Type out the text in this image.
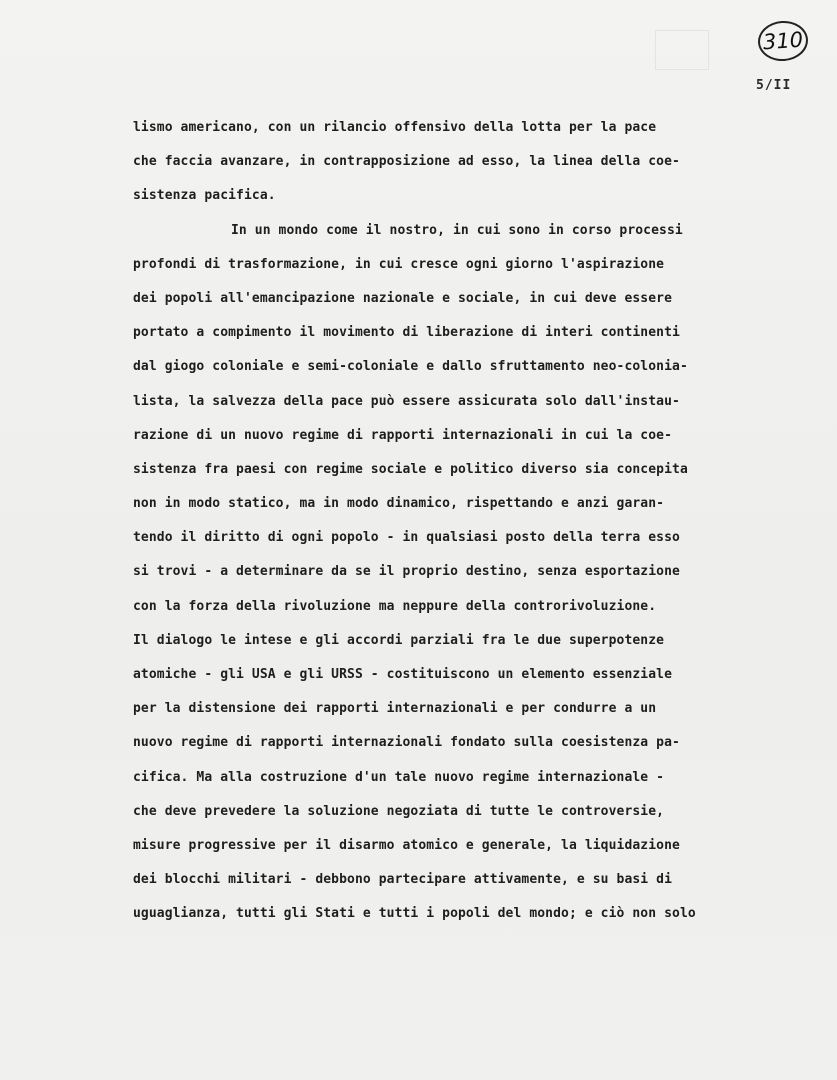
310
5/II
lismo americano, con un rilancio offensivo della lotta per la pace
che faccia avanzare, in contrapposizione ad esso, la linea della coe-
sistenza pacifica.
In un mondo come il nostro, in cui sono in corso processi
profondi di trasformazione, in cui cresce ogni giorno l'aspirazione
dei popoli all'emancipazione nazionale e sociale, in cui deve essere
portato a compimento il movimento di liberazione di interi continenti
dal giogo coloniale e semi-coloniale e dallo sfruttamento neo-coloniа-
lista, la salvezza della pace può essere assicurata solo dall'instau-
razione di un nuovo regime di rapporti internazionali in cui la coe-
sistenza fra paesi con regime sociale e politico diverso sia concepita
non in modo statico, ma in modo dinamico, rispettando e anzi garan-
tendo il diritto di ogni popolo - in qualsiasi posto della terra esso
si trovi - a determinare da se il proprio destino, senza esportazione
con la forza della rivoluzione ma neppure della controrivoluzione.
Il dialogo le intese e gli accordi parziali fra le due superpotenze
atomiche - gli USA e gli URSS - costituiscono un elemento essenziale
per la distensione dei rapporti internazionali e per condurre a un
nuovo regime di rapporti internazionali fondato sulla coesistenza pa-
cifica. Ma alla costruzione d'un tale nuovo regime internazionale -
che deve prevedere la soluzione negoziata di tutte le controversie,
misure progressive per il disarmo atomico e generale, la liquidazione
dei blocchi militari - debbono partecipare attivamente, e su basi di
uguaglianza, tutti gli Stati e tutti i popoli del mondo; e ciò non solo
